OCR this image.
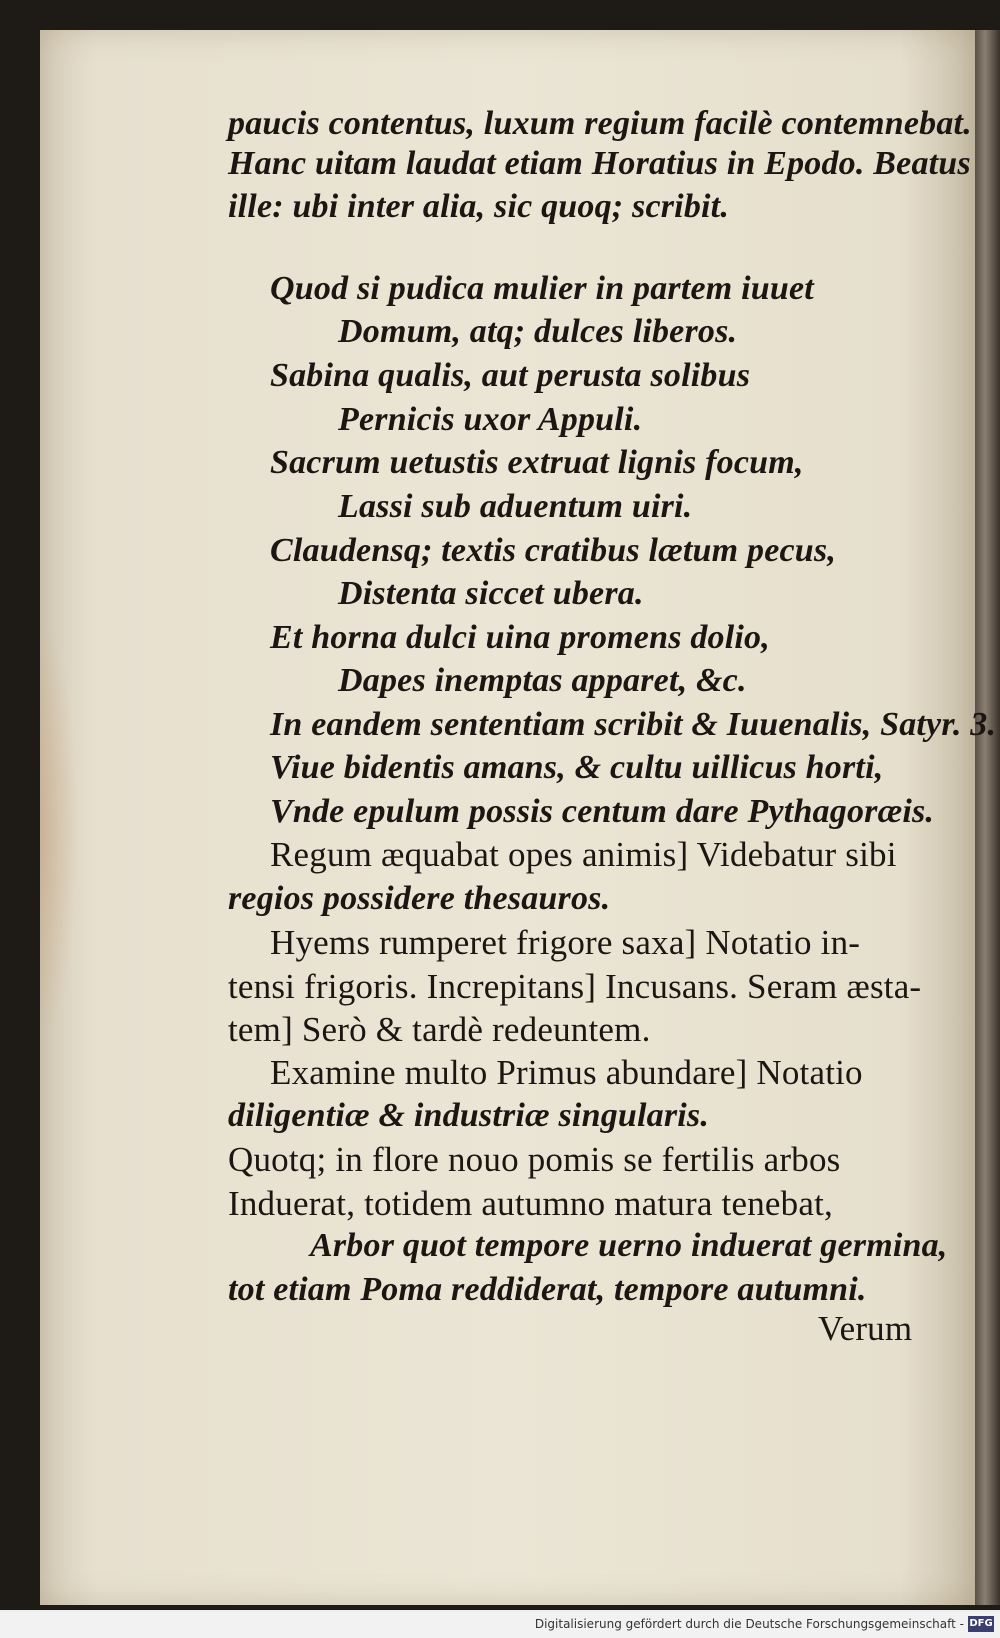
paucis contentus, luxum regium facilè contemnebat.
Hanc uitam laudat etiam Horatius in Epodo. Beatus
ille: ubi inter alia, sic quoq; scribit.
Quod si pudica mulier in partem iuuet
Domum, atq; dulces liberos.
Sabina qualis, aut perusta solibus
Pernicis uxor Appuli.
Sacrum uetustis extruat lignis focum,
Lassi sub aduentum uiri.
Claudensq; textis cratibus lætum pecus,
Distenta siccet ubera.
Et horna dulci uina promens dolio,
Dapes inemptas apparet, &c.
In eandem sententiam scribit & Iuuenalis, Satyr. 3.
Viue bidentis amans, & cultu uillicus horti,
Vnde epulum possis centum dare Pythagoræis.
Regum æquabat opes animis] Videbatur sibi
regios possidere thesauros.
Hyems rumperet frigore saxa] Notatio in-
tensi frigoris. Increpitans] Incusans. Seram æsta-
tem] Serò & tardè redeuntem.
Examine multo Primus abundare] Notatio
diligentiæ & industriæ singularis.
Quotq; in flore nouo pomis se fertilis arbos
Induerat, totidem autumno matura tenebat,
Arbor quot tempore uerno induerat germina,
tot etiam Poma reddiderat, tempore autumni.
Verum
Digitalisierung gefördert durch die Deutsche Forschungsgemeinschaft - DFG
